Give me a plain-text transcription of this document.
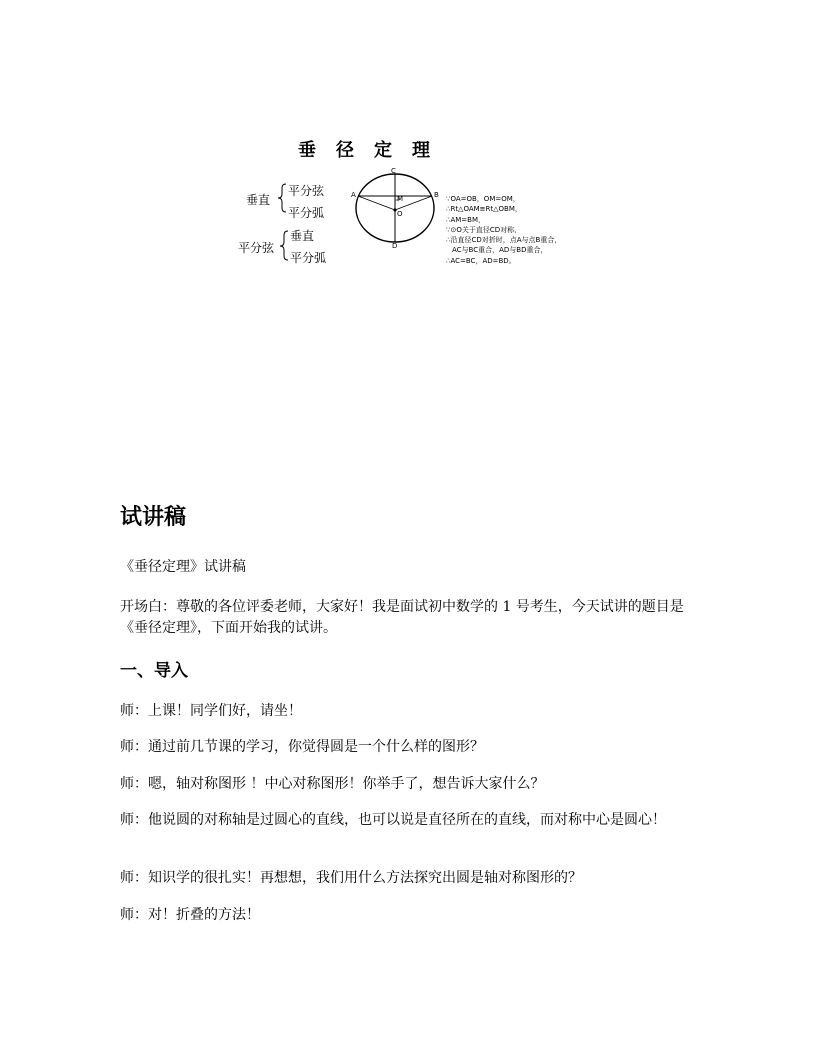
垂径定理
垂直
平分弦
平分弧
平分弦
垂直
平分弧
C
A	B
M
O
D
∵OA=OB，OM=OM，
∴Rt△OAM≌Rt△OBM，
∴AM=BM，
∵⊙O关于直径CD对称，
∴沿直径CD对折时，点A与点B重合，
AC与BC重合，AD与BD重合，
∴AC=BC，AD=BD。
试讲稿
《垂径定理》试讲稿
开场白：尊敬的各位评委老师，大家好！我是面试初中数学的 1 号考生，今天试讲的题目是《垂径定理》，下面开始我的试讲。
一、导入
师：上课！同学们好，请坐！
师：通过前几节课的学习，你觉得圆是一个什么样的图形？
师：嗯，轴对称图形 ！中心对称图形！你举手了，想告诉大家什么？
师：他说圆的对称轴是过圆心的直线，也可以说是直径所在的直线，而对称中心是圆心！
师：知识学的很扎实！再想想，我们用什么方法探究出圆是轴对称图形的？
师：对！折叠的方法！
